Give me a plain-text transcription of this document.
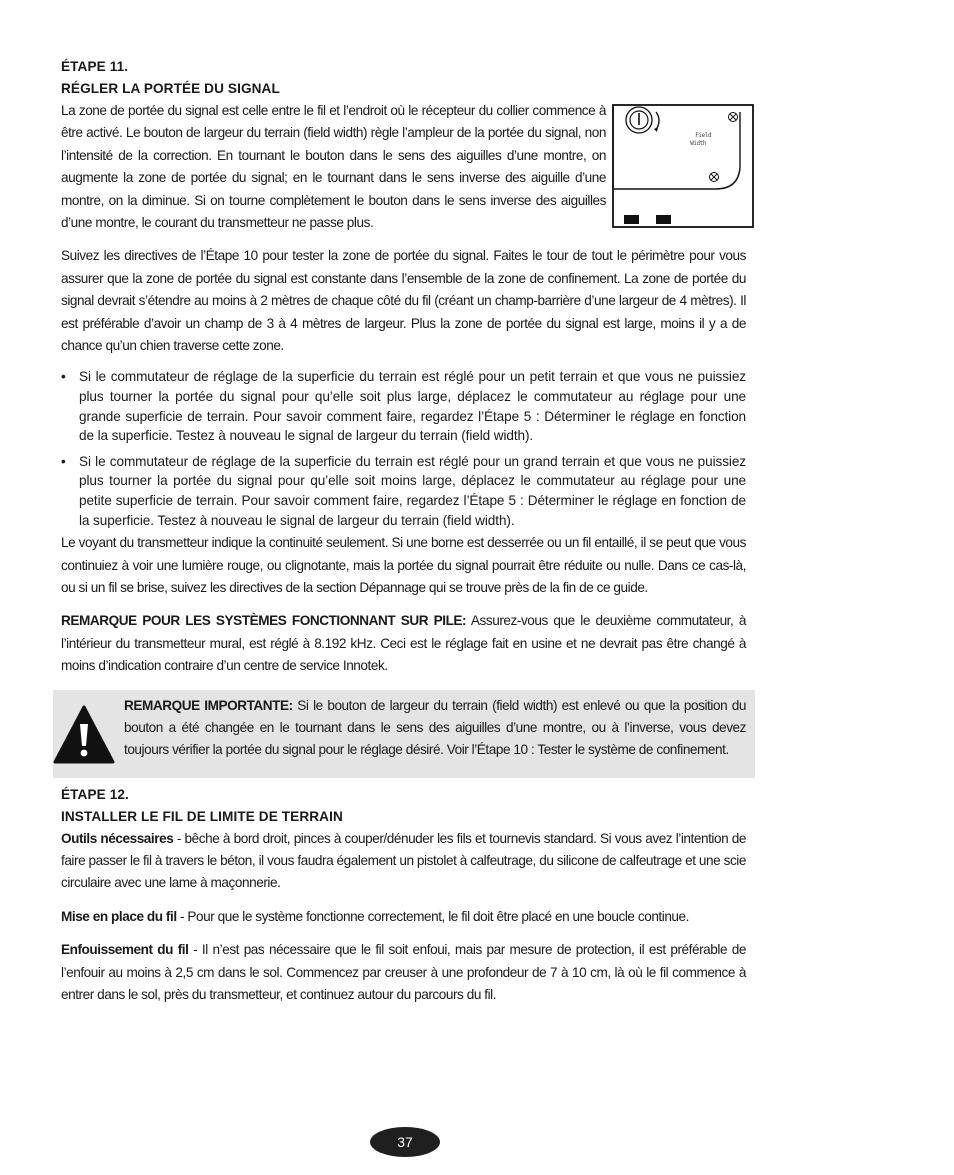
ÉTAPE 11.
RÉGLER LA PORTÉE DU SIGNAL
Field
Width

La zone de portée du signal est celle entre le fil et l’endroit où le récepteur du collier commence à être activé. Le bouton de largeur du terrain (field width) règle l’ampleur de la portée du signal, non l’intensité de la correction. En tournant le bouton dans le sens des aiguilles d’une montre, on augmente la zone de portée du signal; en le tournant dans le sens inverse des aiguille d’une montre, on la diminue. Si on tourne complètement le bouton dans le sens inverse des aiguilles d’une montre, le courant du transmetteur ne passe plus.

Suivez les directives de l’Étape 10 pour tester la zone de portée du signal. Faites le tour de tout le périmètre pour vous assurer que la zone de portée du signal est constante dans l’ensemble de la zone de confinement. La zone de portée du signal devrait s’étendre au moins à 2 mètres de chaque côté du fil (créant un champ-barrière d’une largeur de 4 mètres). Il est préférable d’avoir un champ de 3 à 4 mètres de largeur. Plus la zone de portée du signal est large, moins il y a de chance qu’un chien traverse cette zone.

• Si le commutateur de réglage de la superficie du terrain est réglé pour un petit terrain et que vous ne puissiez plus tourner la portée du signal pour qu’elle soit plus large, déplacez le commutateur au réglage pour une grande superficie de terrain. Pour savoir comment faire, regardez l’Étape 5 : Déterminer le réglage en fonction de la superficie. Testez à nouveau le signal de largeur du terrain (field width).
• Si le commutateur de réglage de la superficie du terrain est réglé pour un grand terrain et que vous ne puissiez plus tourner la portée du signal pour qu’elle soit moins large, déplacez le commutateur au réglage pour une petite superficie de terrain. Pour savoir comment faire, regardez l’Étape 5 : Déterminer le réglage en fonction de la superficie. Testez à nouveau le signal de largeur du terrain (field width).

Le voyant du transmetteur indique la continuité seulement. Si une borne est desserrée ou un fil entaillé, il se peut que vous continuiez à voir une lumière rouge, ou clignotante, mais la portée du signal pourrait être réduite ou nulle. Dans ce cas-là, ou si un fil se brise, suivez les directives de la section Dépannage qui se trouve près de la fin de ce guide.

REMARQUE POUR LES SYSTÈMES FONCTIONNANT SUR PILE: Assurez-vous que le deuxième commutateur, à l’intérieur du transmetteur mural, est réglé à 8.192 kHz. Ceci est le réglage fait en usine et ne devrait pas être changé à moins d’indication contraire d’un centre de service Innotek.

REMARQUE IMPORTANTE: Si le bouton de largeur du terrain (field width) est enlevé ou que la position du bouton a été changée en le tournant dans le sens des aiguilles d’une montre, ou à l’inverse, vous devez toujours vérifier la portée du signal pour le réglage désiré. Voir l’Étape 10 : Tester le système de confinement.

ÉTAPE 12.
INSTALLER LE FIL DE LIMITE DE TERRAIN

Outils nécessaires - bêche à bord droit, pinces à couper/dénuder les fils et tournevis standard. Si vous avez l’intention de faire passer le fil à travers le béton, il vous faudra également un pistolet à calfeutrage, du silicone de calfeutrage et une scie circulaire avec une lame à maçonnerie.

Mise en place du fil - Pour que le système fonctionne correctement, le fil doit être placé en une boucle continue.

Enfouissement du fil - Il n’est pas nécessaire que le fil soit enfoui, mais par mesure de protection, il est préférable de l’enfouir au moins à 2,5 cm dans le sol. Commencez par creuser à une profondeur de 7 à 10 cm, là où le fil commence à entrer dans le sol, près du transmetteur, et continuez autour du parcours du fil.

37
